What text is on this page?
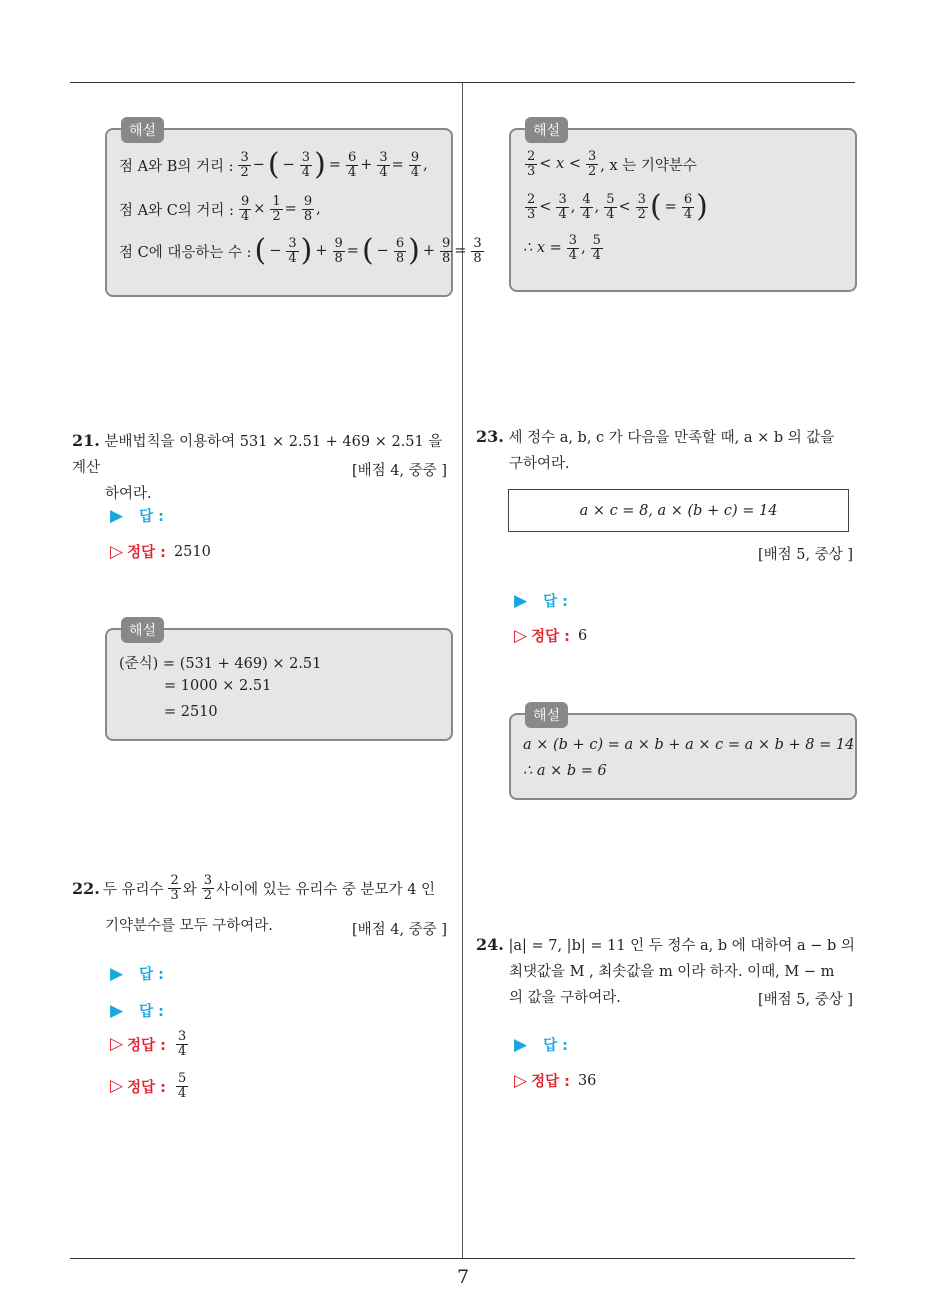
7
해설
점 A와 B의 거리 : $\frac{3}{2}$ − ( − $\frac{3}{4}$ ) = $\frac{6}{4} + \frac{3}{4} = \frac{9}{4}$ ,
점 A와 C의 거리 : $\frac{9}{4} \times \frac{1}{2} = \frac{9}{8}$ ,
점 C에 대응하는 수 : ( − $\frac{3}{4}$ ) + $\frac{9}{8}$ = ( − $\frac{6}{8}$ ) + $\frac{9}{8} = \frac{3}{8}$
해설
$\frac{2}{3} < x < \frac{3}{2}$ , x 는 기약분수
$\frac{2}{3} < \frac{3}{4}$ , $\frac{4}{4}$ , $\frac{5}{4} < \frac{3}{2}$ ( = $\frac{6}{4}$ )
∴ $x = \frac{3}{4}$ , $\frac{5}{4}$
21. 분배법칙을 이용하여 531 × 2.51 + 469 × 2.51 을 계산
하여라.
[배점 4, 중중 ]
▶ 답 :
▷ 정답 : 2510
해설
(준식) = (531 + 469) × 2.51
= 1000 × 2.51
= 2510
22. 두 유리수 $\frac{2}{3}$ 와 $\frac{3}{2}$ 사이에 있는 유리수 중 분모가 4 인
기약분수를 모두 구하여라.	[배점 4, 중중 ]
▶ 답 :
▶ 답 :
▷ 정답 : $\frac{3}{4}$
▷ 정답 : $\frac{5}{4}$
23. 세 정수 a, b, c 가 다음을 만족할 때, a × b 의 값을
구하여라.
a × c = 8, a × (b + c) = 14
[배점 5, 중상 ]
▶ 답 :
▷ 정답 : 6
해설
a × (b + c) = a × b + a × c = a × b + 8 = 14
∴ a × b = 6
24. |a| = 7, |b| = 11 인 두 정수 a, b 에 대하여 a − b 의
최댓값을 M , 최솟값을 m 이라 하자. 이때, M − m
의 값을 구하여라.	[배점 5, 중상 ]
▶ 답 :
▷ 정답 : 36
